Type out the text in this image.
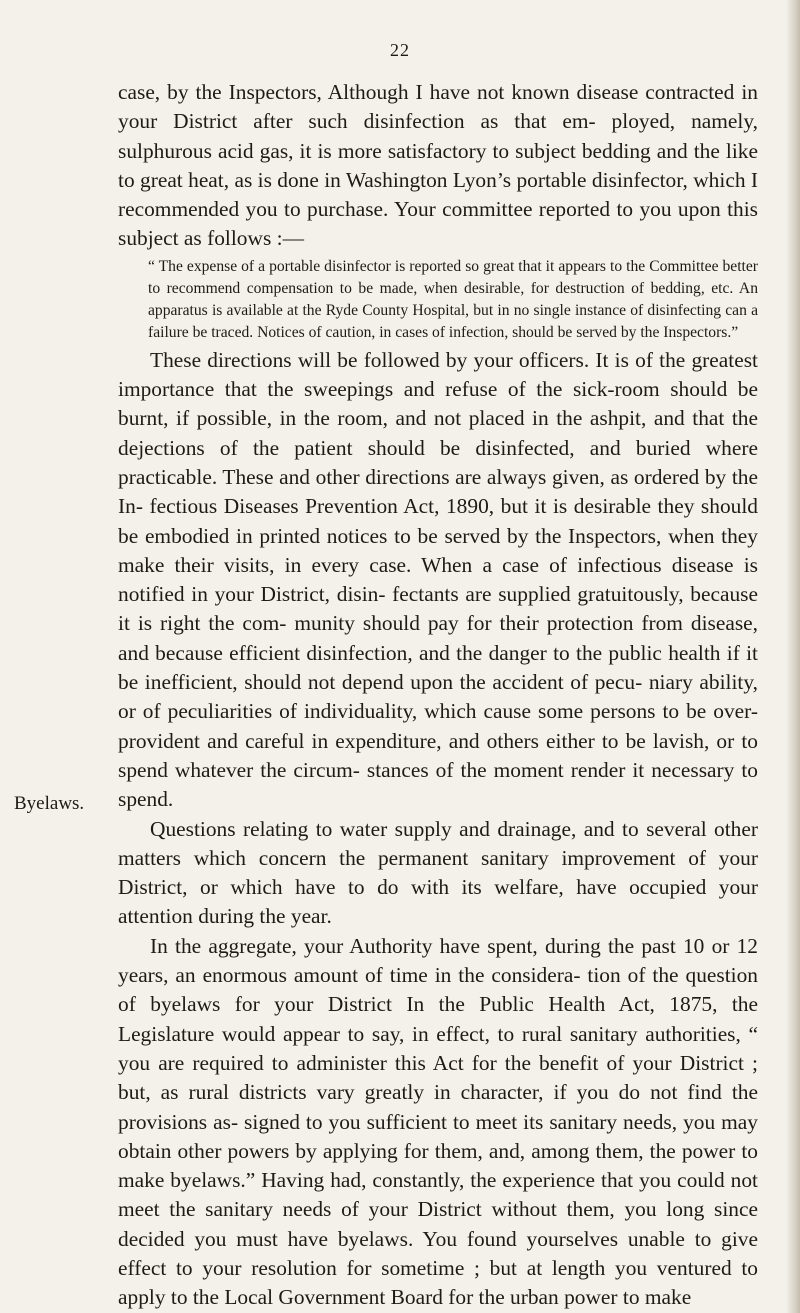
22
Byelaws.

case, by the Inspectors, Although I have not known disease contracted in your District after such disinfection as that em- ployed, namely, sulphurous acid gas, it is more satisfactory to subject bedding and the like to great heat, as is done in Washington Lyon’s portable disinfector, which I recommended you to purchase. Your committee reported to you upon this subject as follows :—

“ The expense of a portable disinfector is reported so great that it appears to the Committee better to recommend compensation to be made, when desirable, for destruction of bedding, etc. An apparatus is available at the Ryde County Hospital, but in no single instance of disinfecting can a failure be traced. Notices of caution, in cases of infection, should be served by the Inspectors.”

These directions will be followed by your officers. It is of the greatest importance that the sweepings and refuse of the sick-room should be burnt, if possible, in the room, and not placed in the ashpit, and that the dejections of the patient should be disinfected, and buried where practicable. These and other directions are always given, as ordered by the In- fectious Diseases Prevention Act, 1890, but it is desirable they should be embodied in printed notices to be served by the Inspectors, when they make their visits, in every case. When a case of infectious disease is notified in your District, disin- fectants are supplied gratuitously, because it is right the com- munity should pay for their protection from disease, and because efficient disinfection, and the danger to the public health if it be inefficient, should not depend upon the accident of pecu- niary ability, or of peculiarities of individuality, which cause some persons to be over-provident and careful in expenditure, and others either to be lavish, or to spend whatever the circum- stances of the moment render it necessary to spend.

Questions relating to water supply and drainage, and to several other matters which concern the permanent sanitary improvement of your District, or which have to do with its welfare, have occupied your attention during the year.

In the aggregate, your Authority have spent, during the past 10 or 12 years, an enormous amount of time in the considera- tion of the question of byelaws for your District In the Public Health Act, 1875, the Legislature would appear to say, in effect, to rural sanitary authorities, “ you are required to administer this Act for the benefit of your District ; but, as rural districts vary greatly in character, if you do not find the provisions as- signed to you sufficient to meet its sanitary needs, you may obtain other powers by applying for them, and, among them, the power to make byelaws.” Having had, constantly, the experience that you could not meet the sanitary needs of your District without them, you long since decided you must have byelaws. You found yourselves unable to give effect to your resolution for sometime ; but at length you ventured to apply to the Local Government Board for the urban power to make
